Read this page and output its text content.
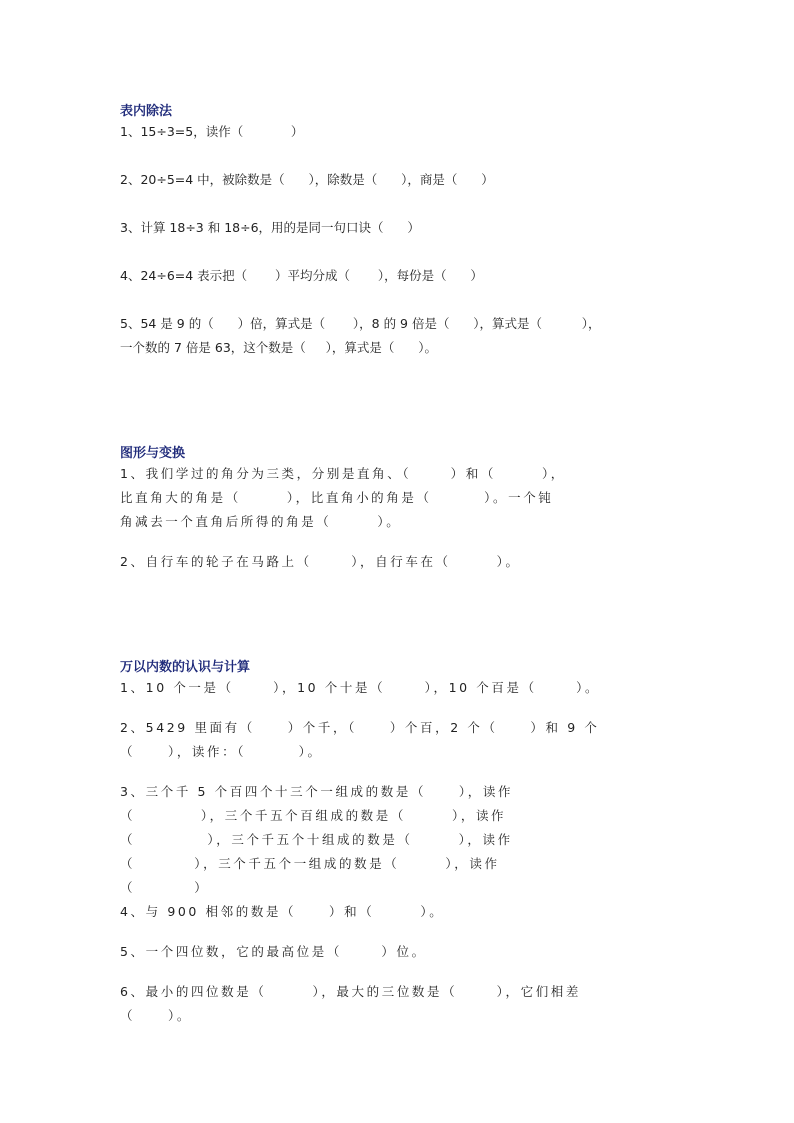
表内除法
1、15÷3=5，读作（            ）
2、20÷5=4 中，被除数是（      ），除数是（      ），商是（      ）
3、计算 18÷3 和 18÷6，用的是同一句口诀（      ）
4、24÷6=4 表示把（       ）平均分成（       ），每份是（      ）
5、54 是 9 的（      ）倍，算式是（       ），8 的 9 倍是（      ），算式是（          ），
一个数的 7 倍是 63，这个数是（     ），算式是（      ）。
图形与变换
1、我们学过的角分为三类，分别是直角、（      ）和（       ），
比直角大的角是（       ），比直角小的角是（        ）。一个钝
角减去一个直角后所得的角是（       ）。
2、自行车的轮子在马路上（      ），自行车在（       ）。
万以内数的认识与计算
1、10 个一是（      ），10 个十是（      ），10 个百是（      ）。
2、5429 里面有（     ）个千，（     ）个百，2 个（     ）和 9 个
（     ），读作：（        ）。
3、三个千 5 个百四个十三个一组成的数是（     ），读作
（          ），三个千五个百组成的数是（       ），读作
（           ），三个千五个十组成的数是（       ），读作
（         ），三个千五个一组成的数是（       ），读作
（         ）
4、与 900 相邻的数是（     ）和（       ）。
5、一个四位数，它的最高位是（      ）位。
6、最小的四位数是（       ），最大的三位数是（      ），它们相差
（     ）。
